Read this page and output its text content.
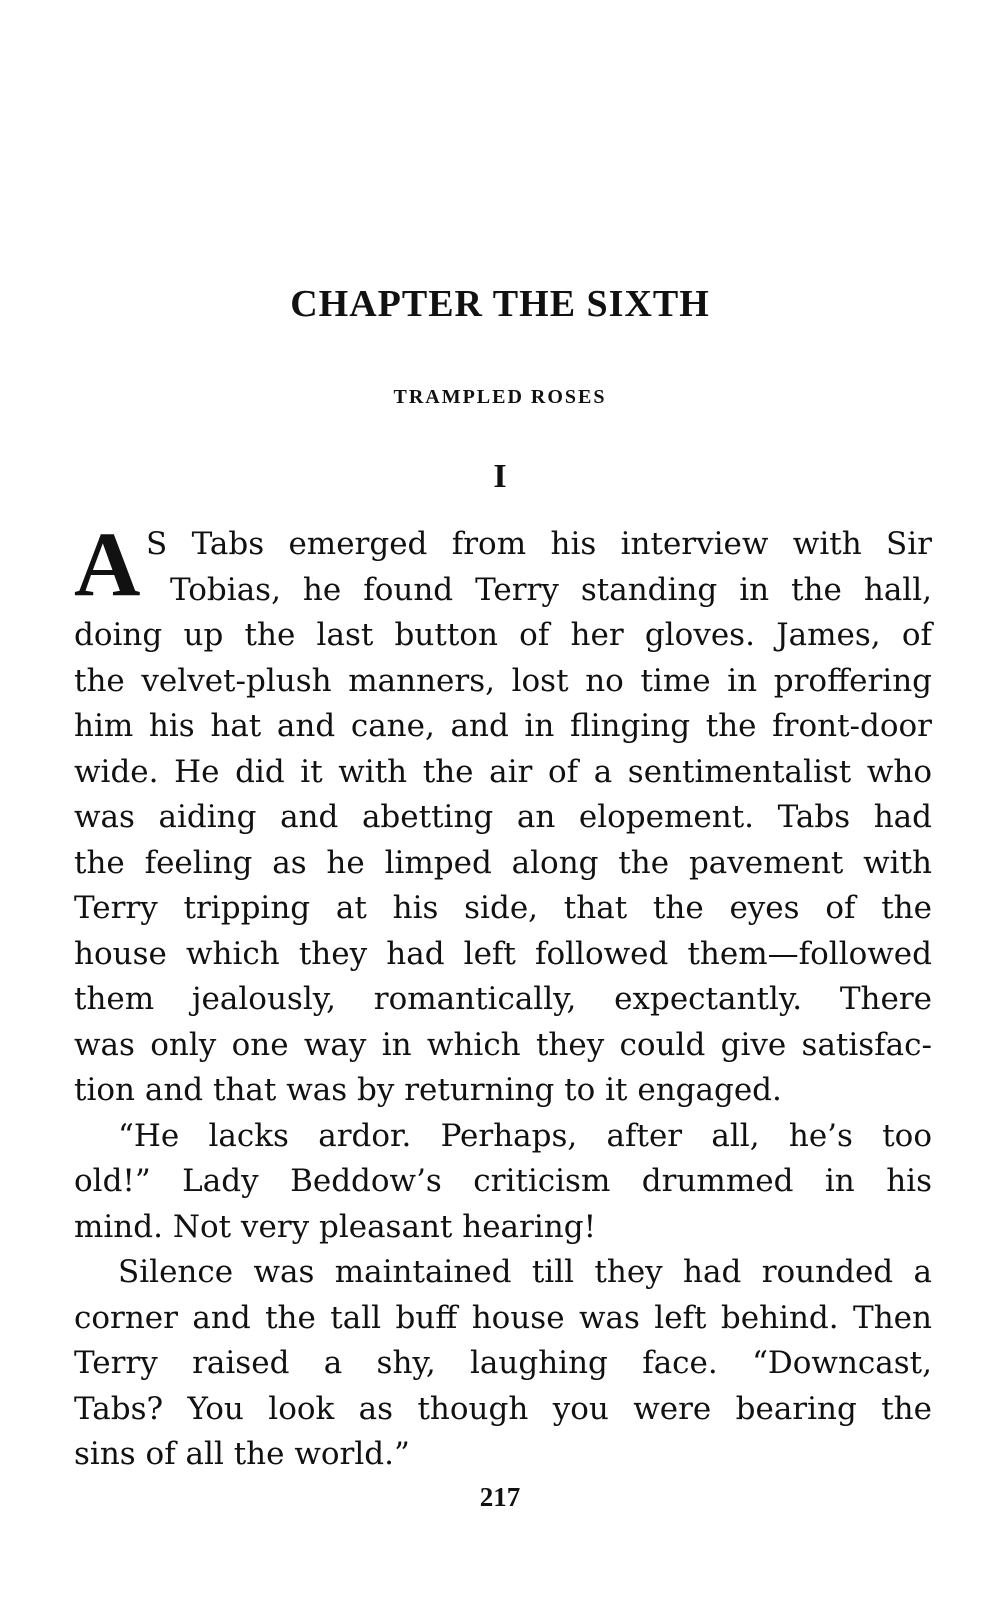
CHAPTER THE SIXTH
TRAMPLED ROSES
I
A S Tabs emerged from his interview with Sir
Tobias, he found Terry standing in the hall,
doing up the last button of her gloves. James, of
the velvet-plush manners, lost no time in proffering
him his hat and cane, and in flinging the front-door
wide. He did it with the air of a sentimentalist who
was aiding and abetting an elopement. Tabs had
the feeling as he limped along the pavement with
Terry tripping at his side, that the eyes of the
house which they had left followed them—followed
them jealously, romantically, expectantly. There
was only one way in which they could give satisfac-
tion and that was by returning to it engaged.
“He lacks ardor. Perhaps, after all, he’s too
old!” Lady Beddow’s criticism drummed in his
mind. Not very pleasant hearing!
Silence was maintained till they had rounded a
corner and the tall buff house was left behind. Then
Terry raised a shy, laughing face. “Downcast,
Tabs? You look as though you were bearing the
sins of all the world.”
217
